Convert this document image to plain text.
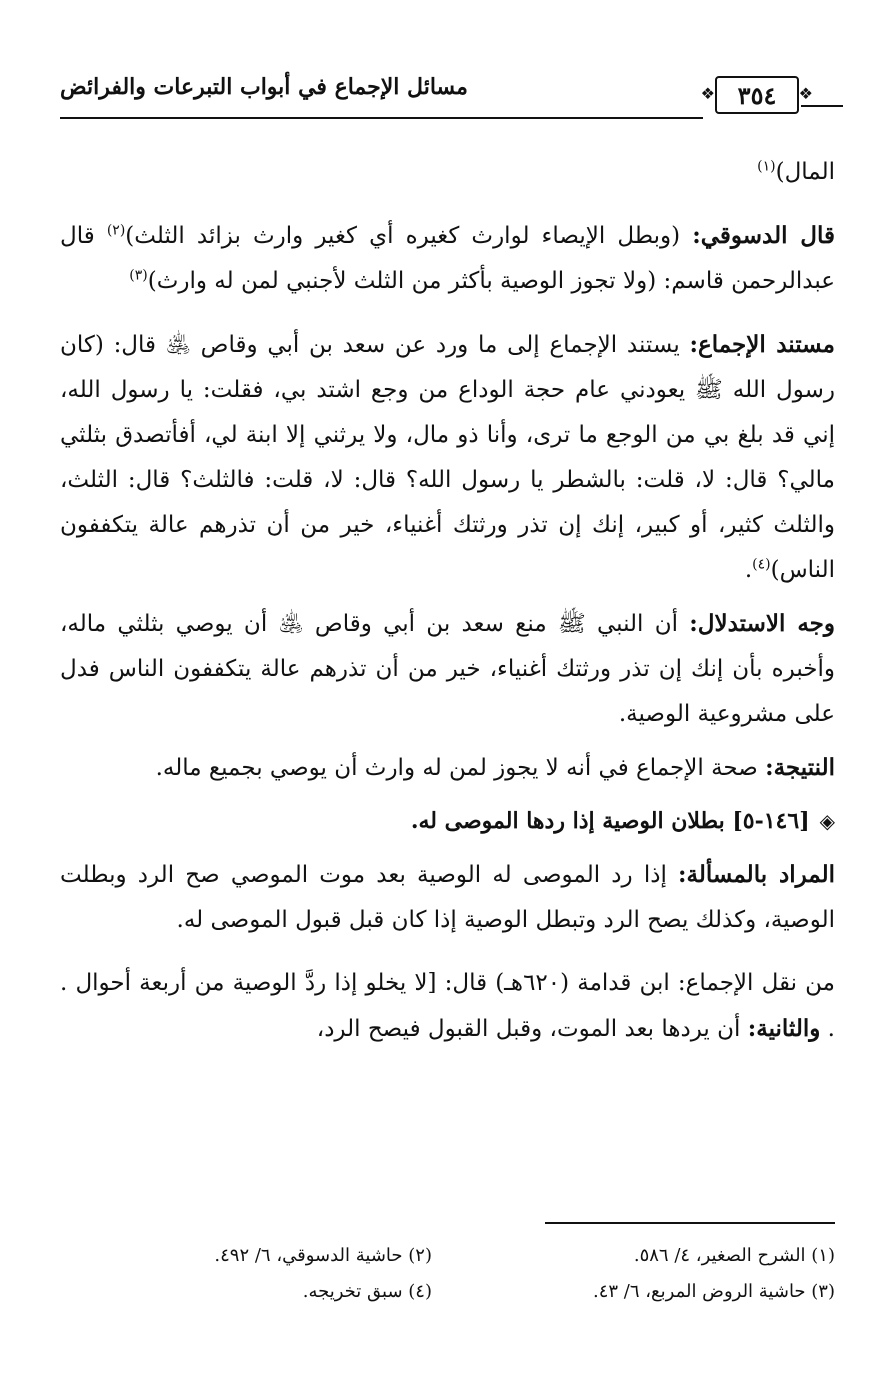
مسائل الإجماع في أبواب التبرعات والفرائض	❖
٣٥٤
❖

المال)$^{(١)}$

قال الدسوقي: (وبطل الإيصاء لوارث كغيره أي كغير وارث بزائد الثلث)$^{(٢)}$ قال عبدالرحمن قاسم: (ولا تجوز الوصية بأكثر من الثلث لأجنبي لمن له وارث)$^{(٣)}$

مستند الإجماع: يستند الإجماع إلى ما ورد عن سعد بن أبي وقاص ﵁ قال: (كان رسول الله ﷺ يعودني عام حجة الوداع من وجع اشتد بي، فقلت: يا رسول الله، إني قد بلغ بي من الوجع ما ترى، وأنا ذو مال، ولا يرثني إلا ابنة لي، أفأتصدق بثلثي مالي؟ قال: لا، قلت: بالشطر يا رسول الله؟ قال: لا، قلت: فالثلث؟ قال: الثلث، والثلث كثير، أو كبير، إنك إن تذر ورثتك أغنياء، خير من أن تذرهم عالة يتكففون الناس)$^{(٤)}$.

وجه الاستدلال: أن النبي ﷺ منع سعد بن أبي وقاص ﵁ أن يوصي بثلثي ماله، وأخبره بأن إنك إن تذر ورثتك أغنياء، خير من أن تذرهم عالة يتكففون الناس فدل على مشروعية الوصية.

النتيجة: صحة الإجماع في أنه لا يجوز لمن له وارث أن يوصي بجميع ماله.

◈[١٤٦-٥] بطلان الوصية إذا ردها الموصى له.

المراد بالمسألة: إذا رد الموصى له الوصية بعد موت الموصي صح الرد وبطلت الوصية، وكذلك يصح الرد وتبطل الوصية إذا كان قبل قبول الموصى له.

من نقل الإجماع: ابن قدامة (٦٢٠هـ) قال: [لا يخلو إذا ردَّ الوصية من أربعة أحوال . . والثانية: أن يردها بعد الموت، وقبل القبول فيصح الرد،

(١) الشرح الصغير، ٤/ ٥٨٦.
(٢) حاشية الدسوقي، ٦/ ٤٩٢.
(٣) حاشية الروض المربع، ٦/ ٤٣.
(٤) سبق تخريجه.
